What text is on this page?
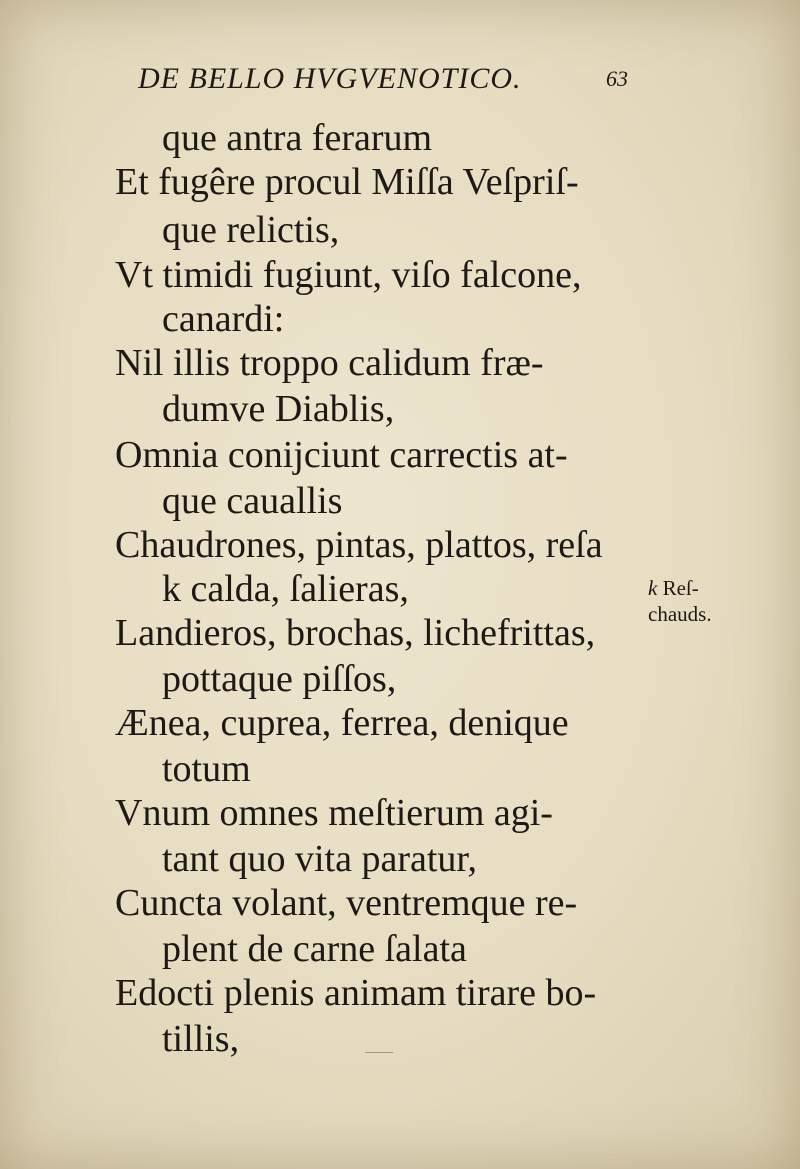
DE BELLO HVGVENOTICO.	63
que antra ferarum
Et fugêre procul Miſſa Veſpriſ-
que relictis,
Vt timidi fugiunt, viſo falcone,
canardi:
Nil illis troppo calidum fræ-
dumve Diablis,
Omnia conijciunt carrectis at-
que cauallis
Chaudrones, pintas, plattos, reſa
k calda, ſalieras,
Landieros, brochas, lichefrittas,
pottaque piſſos,
Ænea, cuprea, ferrea, denique
totum
Vnum omnes meſtierum agi-
tant quo vita paratur,
Cuncta volant, ventremque re-
plent de carne ſalata
Edocti plenis animam tirare bo-
tillis,
k Reſ-
chauds.
